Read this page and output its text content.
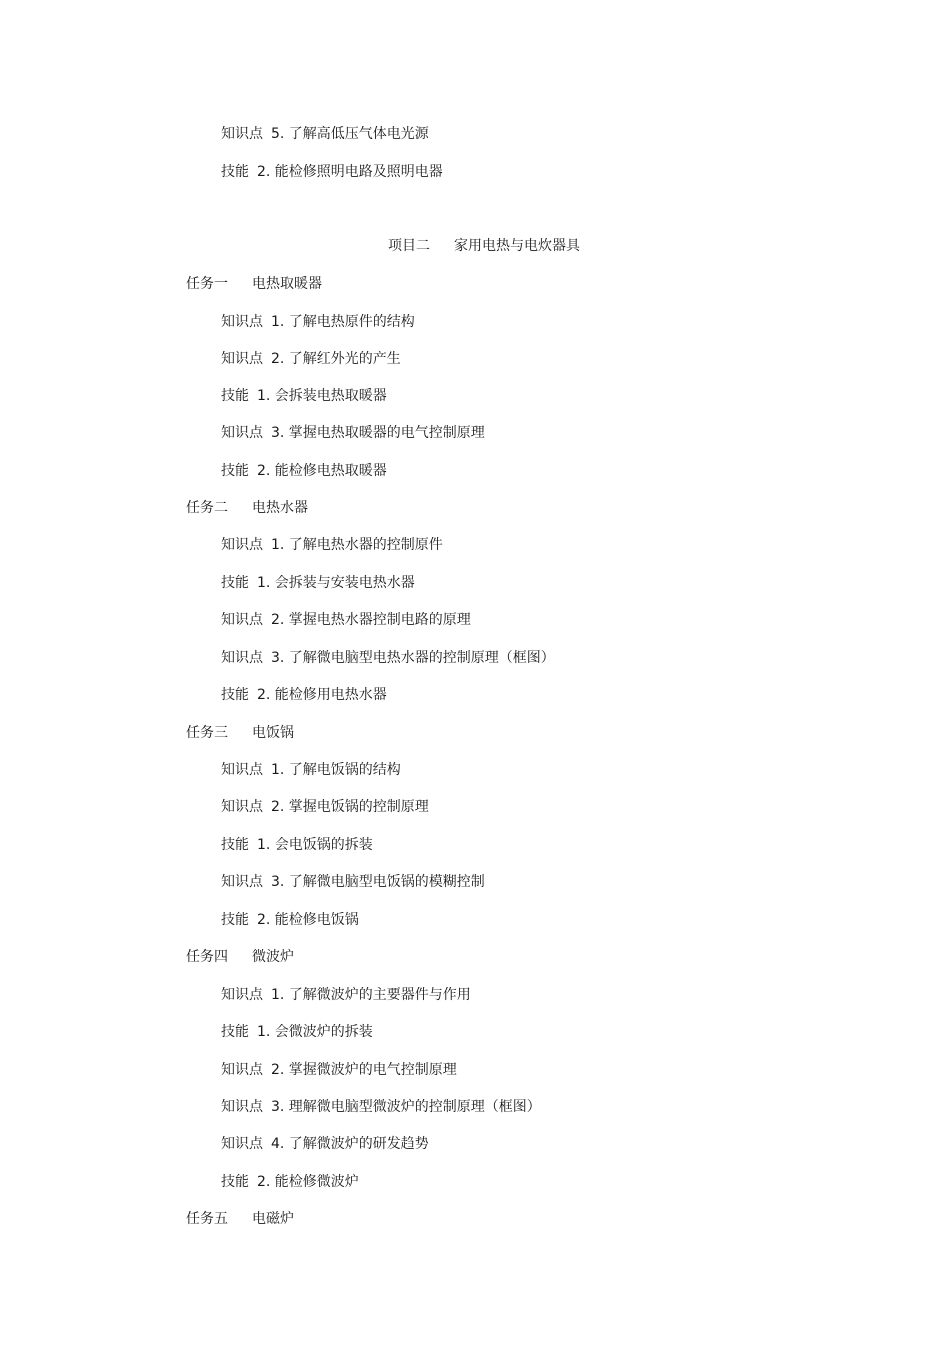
知识点 5. 了解高低压气体电光源
技能 2. 能检修照明电路及照明电器
项目二 家用电热与电炊器具
任务一 电热取暖器
知识点 1. 了解电热原件的结构
知识点 2. 了解红外光的产生
技能 1. 会拆装电热取暖器
知识点 3. 掌握电热取暖器的电气控制原理
技能 2. 能检修电热取暖器
任务二 电热水器
知识点 1. 了解电热水器的控制原件
技能 1. 会拆装与安装电热水器
知识点 2. 掌握电热水器控制电路的原理
知识点 3. 了解微电脑型电热水器的控制原理（框图）
技能 2. 能检修用电热水器
任务三 电饭锅
知识点 1. 了解电饭锅的结构
知识点 2. 掌握电饭锅的控制原理
技能 1. 会电饭锅的拆装
知识点 3. 了解微电脑型电饭锅的模糊控制
技能 2. 能检修电饭锅
任务四 微波炉
知识点 1. 了解微波炉的主要器件与作用
技能 1. 会微波炉的拆装
知识点 2. 掌握微波炉的电气控制原理
知识点 3. 理解微电脑型微波炉的控制原理（框图）
知识点 4. 了解微波炉的研发趋势
技能 2. 能检修微波炉
任务五 电磁炉
